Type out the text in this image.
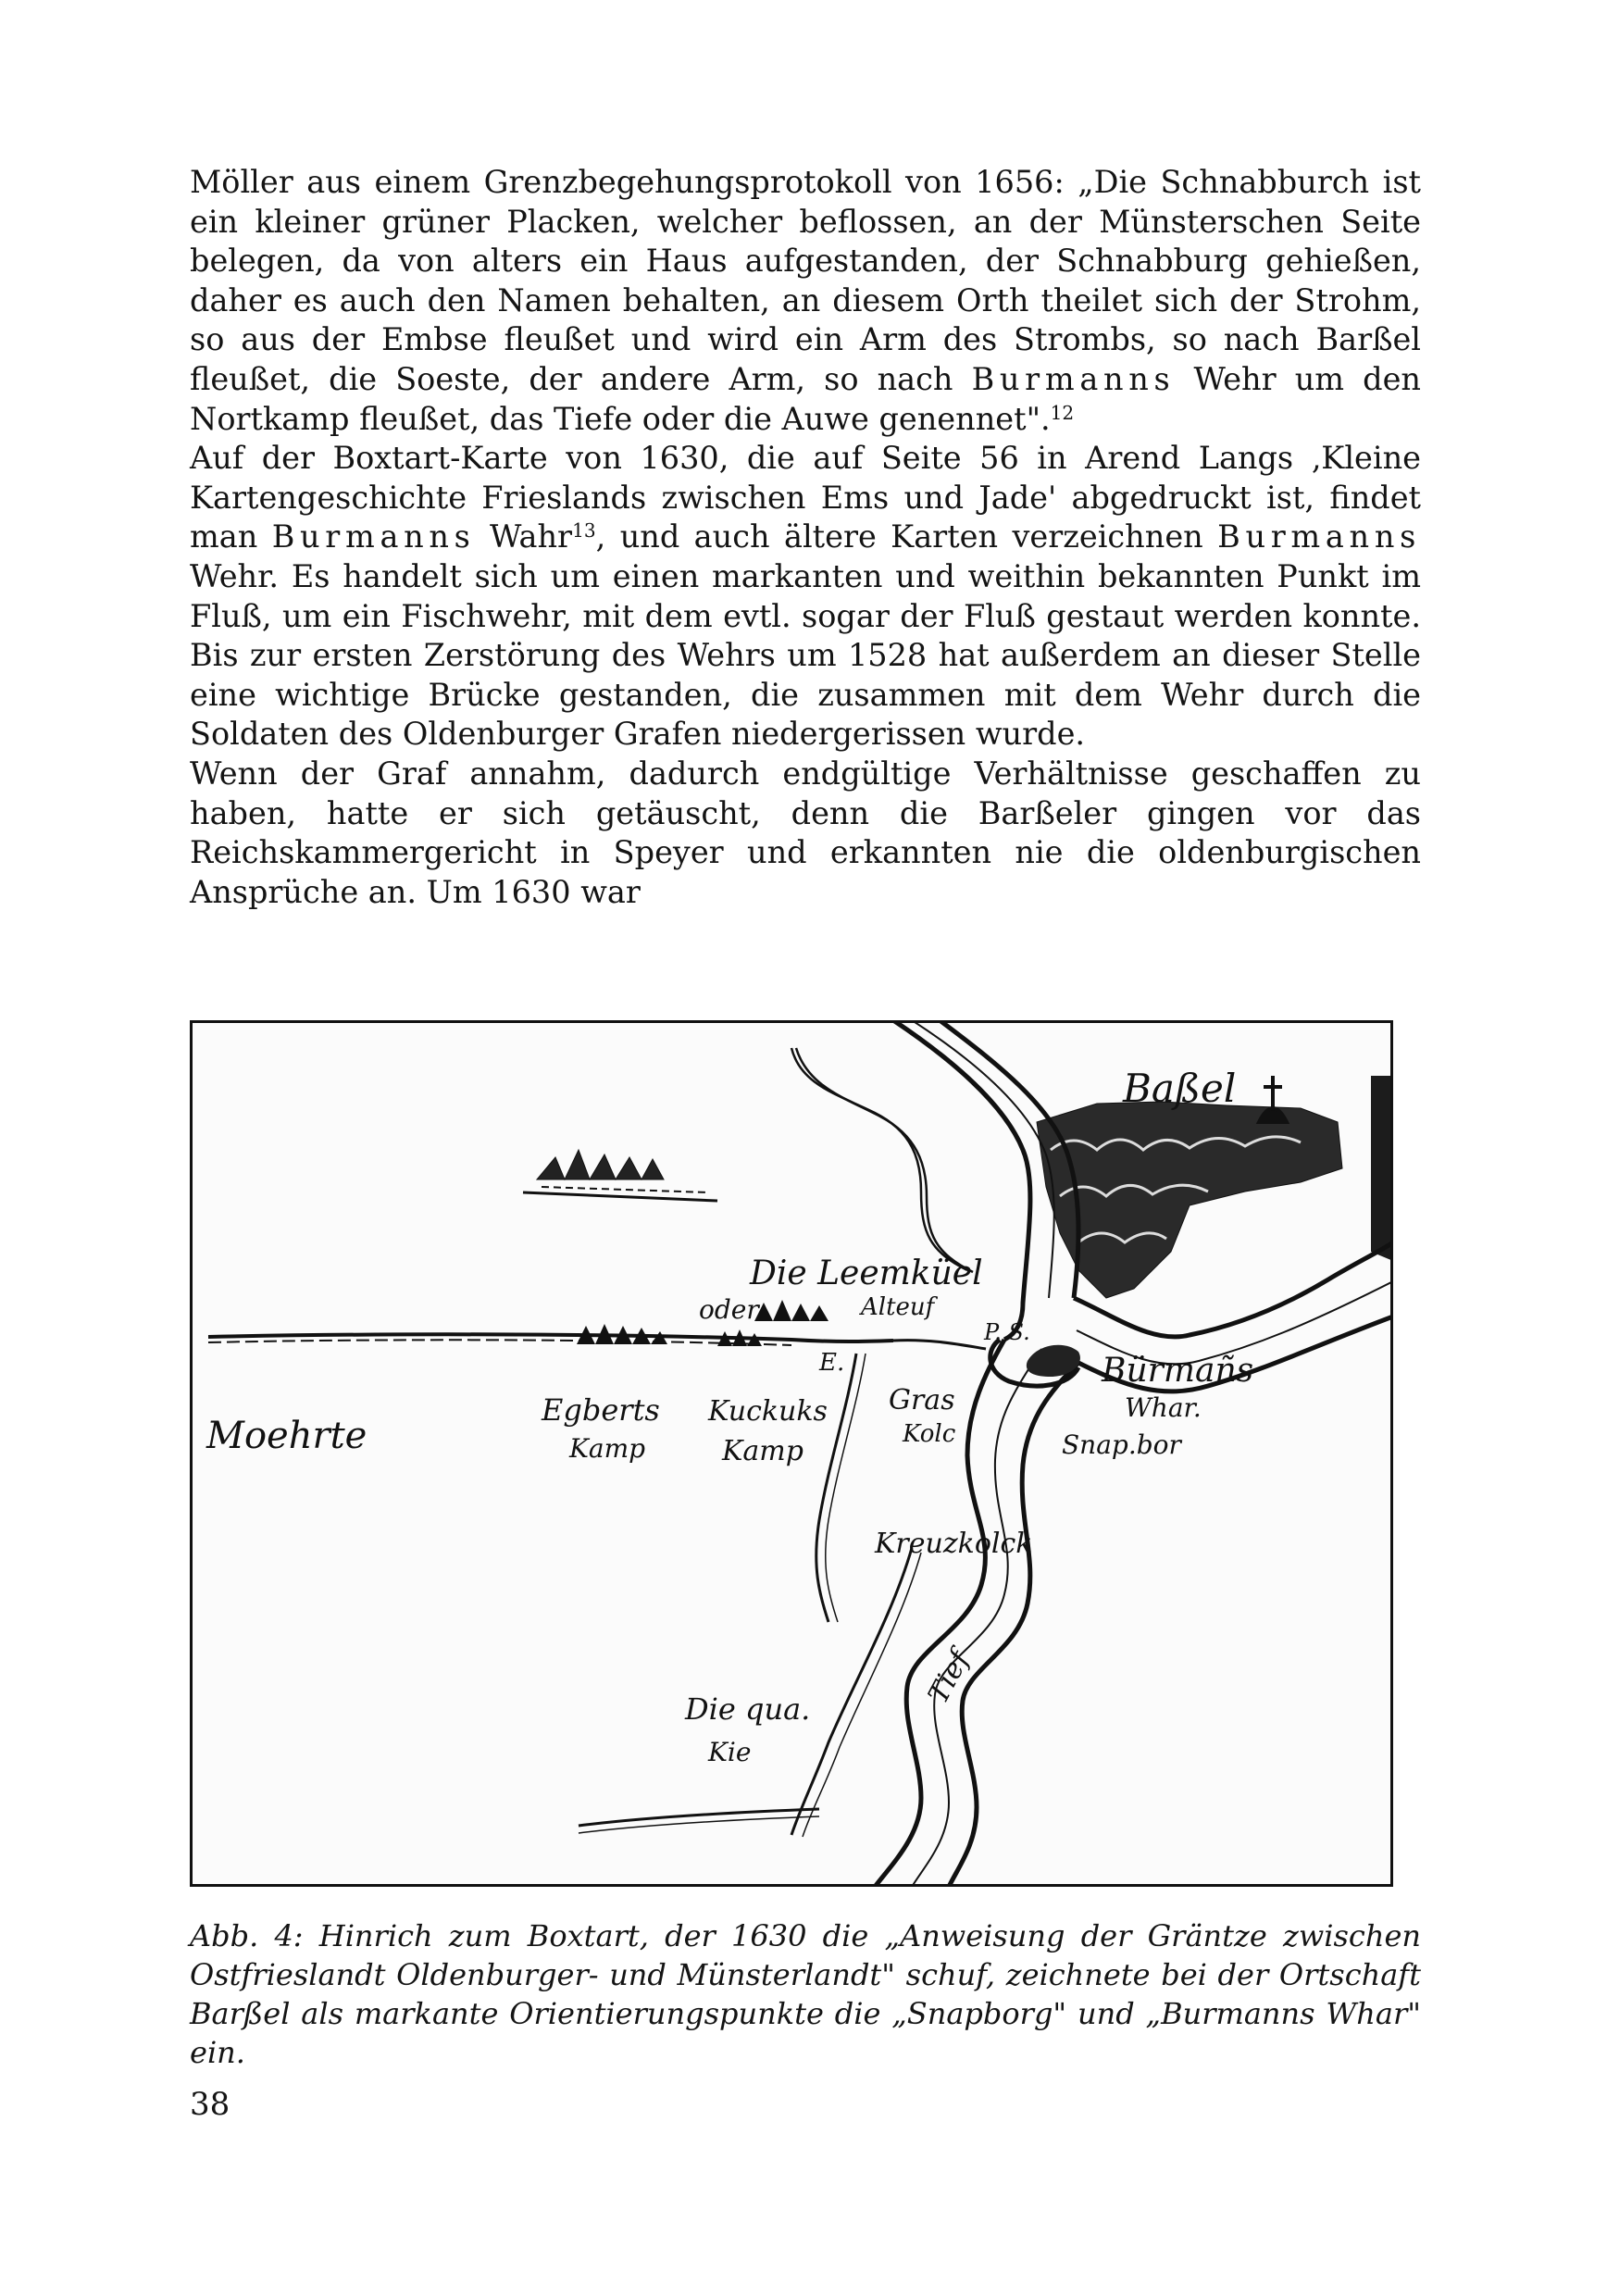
Möller aus einem Grenzbegehungsprotokoll von 1656: „Die Schnabburch ist ein kleiner grüner Placken, welcher beflossen, an der Münsterschen Seite belegen, da von alters ein Haus aufgestanden, der Schnabburg gehießen, daher es auch den Namen behalten, an diesem Orth theilet sich der Strohm, so aus der Embse fleußet und wird ein Arm des Strombs, so nach Barßel fleußet, die Soeste, der andere Arm, so nach Burmanns Wehr um den Nortkamp fleußet, das Tiefe oder die Auwe genennet".$^{12}$

Auf der Boxtart-Karte von 1630, die auf Seite 56 in Arend Langs ‚Kleine Kartengeschichte Frieslands zwischen Ems und Jade' abgedruckt ist, findet man Burmanns Wahr$^{13}$, und auch ältere Karten verzeichnen Burmanns Wehr. Es handelt sich um einen markanten und weithin bekannten Punkt im Fluß, um ein Fischwehr, mit dem evtl. sogar der Fluß gestaut werden konnte. Bis zur ersten Zerstörung des Wehrs um 1528 hat außerdem an dieser Stelle eine wichtige Brücke gestanden, die zusammen mit dem Wehr durch die Soldaten des Oldenburger Grafen niedergerissen wurde.

Wenn der Graf annahm, dadurch endgültige Verhältnisse geschaffen zu haben, hatte er sich getäuscht, denn die Barßeler gingen vor das Reichskammergericht in Speyer und erkannten nie die oldenburgischen Ansprüche an. Um 1630 war

Baßel
Die Leemküel
oder	Alteuf
E.
P. S.
Bürmañs
Whar.
Snap.bor
Moehrte
Egberts
Kamp
Kuckuks
Kamp
Gras
Kolc
Kreuzkolck
Die qua.
Kie
Tief
Abb. 4: Hinrich zum Boxtart, der 1630 die „Anweisung der Gräntze zwischen Ostfrieslandt Oldenburger- und Münsterlandt" schuf, zeichnete bei der Ortschaft Barßel als markante Orientierungspunkte die „Snapborg" und „Burmanns Whar" ein.
38
